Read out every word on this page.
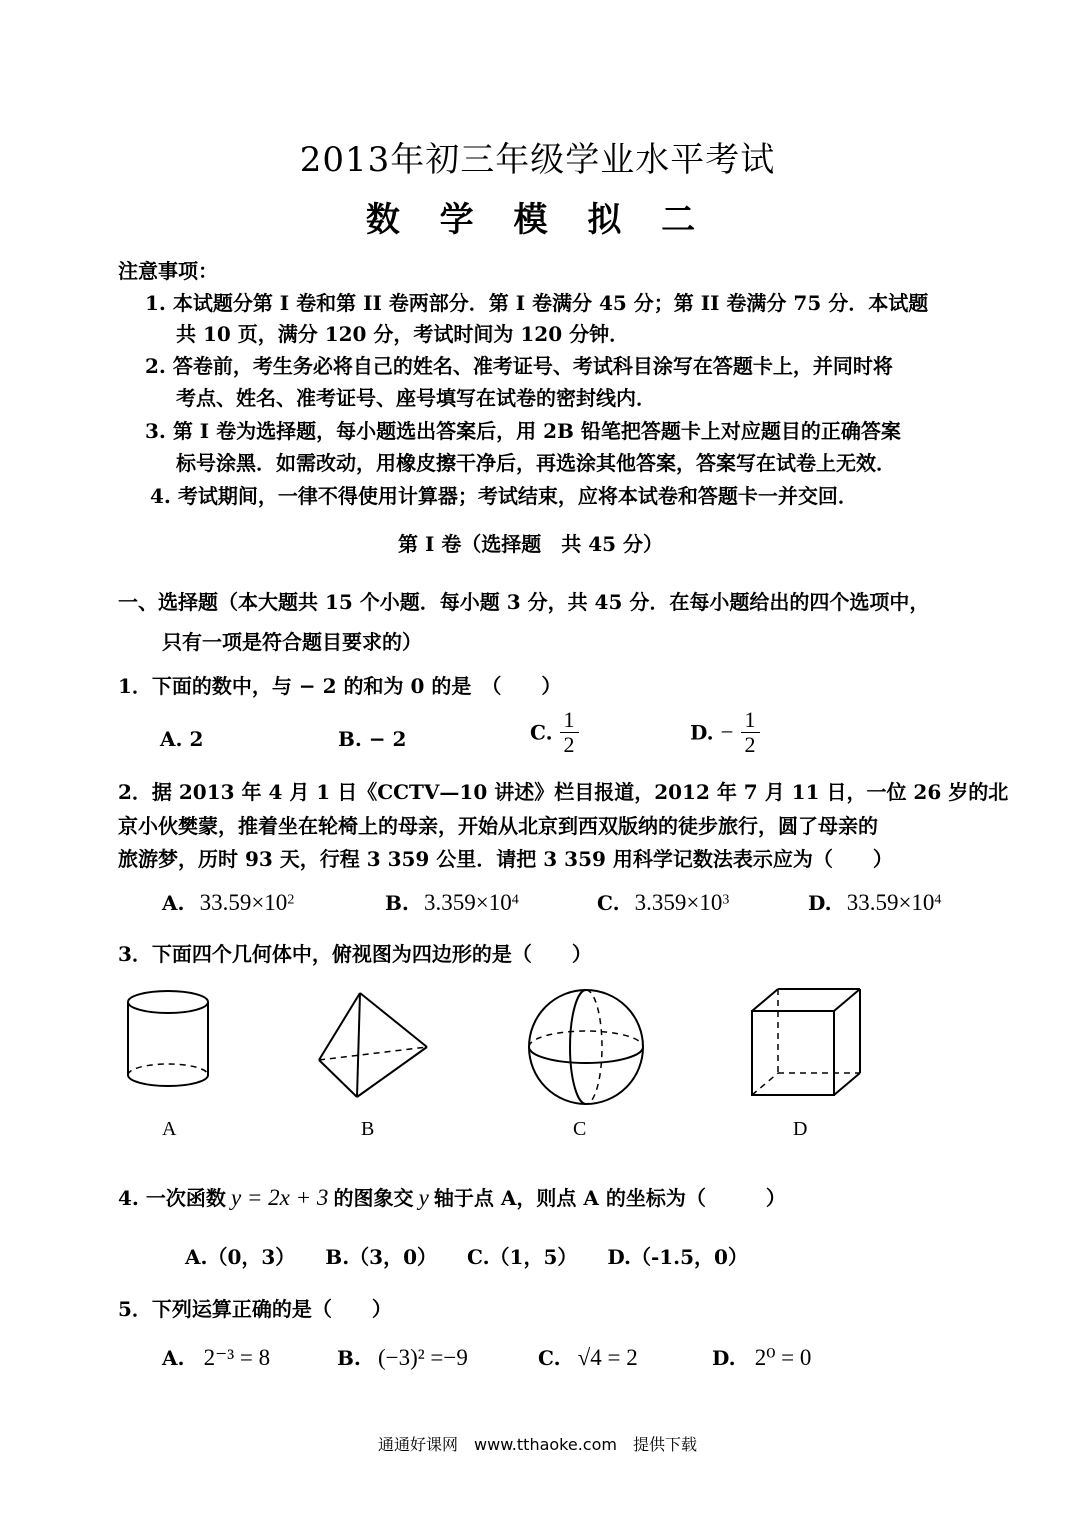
2013年初三年级学业水平考试
数 学 模 拟 二
注意事项：
1. 本试题分第 I 卷和第 II 卷两部分．第 I 卷满分 45 分；第 II 卷满分 75 分．本试题
共 10 页，满分 120 分，考试时间为 120 分钟．
2. 答卷前，考生务必将自己的姓名、准考证号、考试科目涂写在答题卡上，并同时将
考点、姓名、准考证号、座号填写在试卷的密封线内．
3. 第 I 卷为选择题，每小题选出答案后，用 2B 铅笔把答题卡上对应题目的正确答案
标号涂黑．如需改动，用橡皮擦干净后，再选涂其他答案，答案写在试卷上无效．
4. 考试期间，一律不得使用计算器；考试结束，应将本试卷和答题卡一并交回．
第 I 卷（选择题　共 45 分）
一、选择题（本大题共 15 个小题．每小题 3 分，共 45 分．在每小题给出的四个选项中，
只有一项是符合题目要求的）
1．下面的数中，与 − 2 的和为 0 的是　（　　）
A. 2	B. − 2	C. $\frac{1}{2}$	D. − $\frac{1}{2}$
2．据 2013 年 4 月 1 日《CCTV—10 讲述》栏目报道，2012 年 7 月 11 日，一位 26 岁的北
京小伙樊蒙，推着坐在轮椅上的母亲，开始从北京到西双版纳的徒步旅行，圆了母亲的
旅游梦，历时 93 天，行程 3 359 公里．请把 3 359 用科学记数法表示应为（　　）
A. $33.59\times 10^2$	B. $3.359\times 10^4$	C. $3.359\times 10^3$	D. $33.59\times 10^4$
3．下面四个几何体中，俯视图为四边形的是（　　）
A	B	C	D
4. 一次函数 y = 2x + 3 的图象交 y 轴于点 A，则点 A 的坐标为（　　　）
A.（0，3）　　B.（3，0）　　C.（1，5）　　D.（-1.5，0）
5．下列运算正确的是（　　）
A. 2⁻³ = 8	B. (−3)² =−9	C. √4 = 2	D. 2⁰ = 0
通通好课网　www.tthaoke.com　提供下载
